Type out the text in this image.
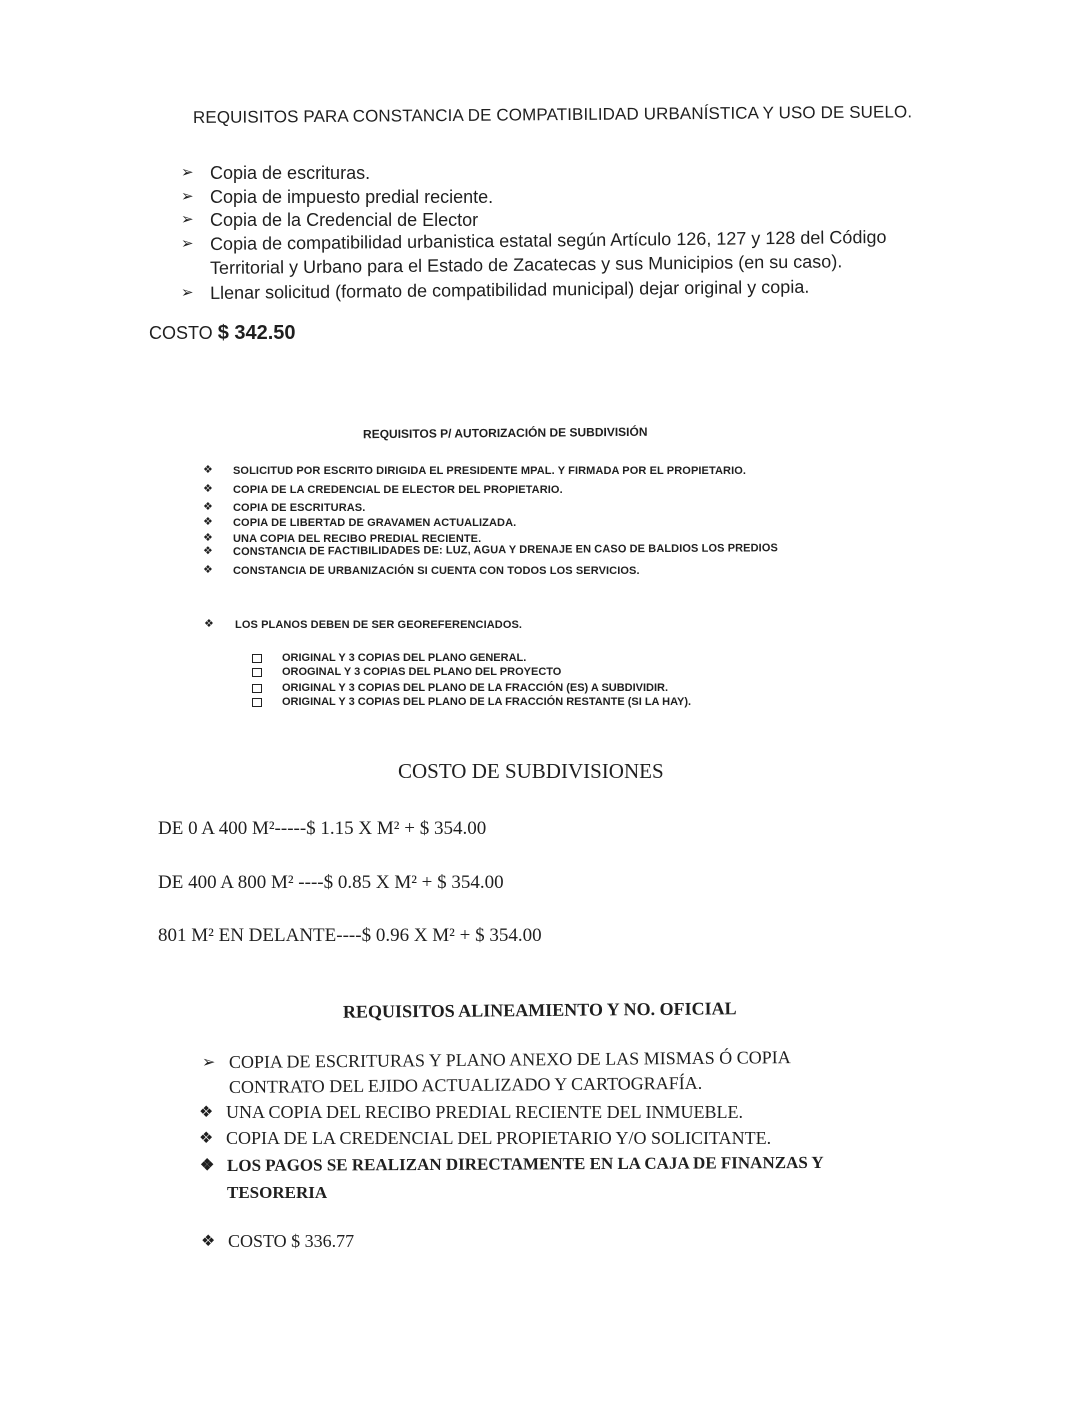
REQUISITOS PARA CONSTANCIA DE COMPATIBILIDAD URBANÍSTICA Y USO DE SUELO.
➢ Copia de escrituras.
➢ Copia de impuesto predial reciente.
➢ Copia de la Credencial de Elector
➢ Copia de compatibilidad urbanistica estatal según Artículo 126, 127 y 128 del Código
Territorial y Urbano para el Estado de Zacatecas y sus Municipios (en su caso).
➢ Llenar solicitud (formato de compatibilidad municipal) dejar original y copia.
COSTO $ 342.50
REQUISITOS P/ AUTORIZACIÓN DE SUBDIVISIÓN
❖ SOLICITUD POR ESCRITO DIRIGIDA EL PRESIDENTE MPAL. Y FIRMADA POR EL PROPIETARIO.
❖ COPIA DE LA CREDENCIAL DE ELECTOR DEL PROPIETARIO.
❖ COPIA DE ESCRITURAS.
❖ COPIA DE LIBERTAD DE GRAVAMEN ACTUALIZADA.
❖ UNA COPIA DEL RECIBO PREDIAL RECIENTE.
❖ CONSTANCIA DE FACTIBILIDADES DE: LUZ, AGUA Y DRENAJE EN CASO DE BALDIOS LOS PREDIOS
❖ CONSTANCIA DE URBANIZACIÓN SI CUENTA CON TODOS LOS SERVICIOS.
❖ LOS PLANOS DEBEN DE SER GEOREFERENCIADOS.
ORIGINAL Y 3 COPIAS DEL PLANO GENERAL.
OROGINAL Y 3 COPIAS DEL PLANO DEL PROYECTO
ORIGINAL Y 3 COPIAS DEL PLANO DE LA FRACCIÓN (ES) A SUBDIVIDIR.
ORIGINAL Y 3 COPIAS DEL PLANO DE LA FRACCIÓN RESTANTE (SI LA HAY).
COSTO DE SUBDIVISIONES
DE 0 A 400 M²-----$ 1.15 X M² + $ 354.00
DE 400 A 800 M² ----$ 0.85 X M² + $ 354.00
801 M² EN DELANTE----$ 0.96 X M² + $ 354.00
REQUISITOS ALINEAMIENTO Y NO. OFICIAL
➢ COPIA DE ESCRITURAS Y PLANO ANEXO DE LAS MISMAS Ó COPIA
CONTRATO DEL EJIDO ACTUALIZADO Y CARTOGRAFÍA.
❖ UNA COPIA DEL RECIBO PREDIAL RECIENTE DEL INMUEBLE.
❖ COPIA DE LA CREDENCIAL DEL PROPIETARIO Y/O SOLICITANTE.
❖ LOS PAGOS SE REALIZAN DIRECTAMENTE EN LA CAJA DE FINANZAS Y
TESORERIA
❖ COSTO $ 336.77
